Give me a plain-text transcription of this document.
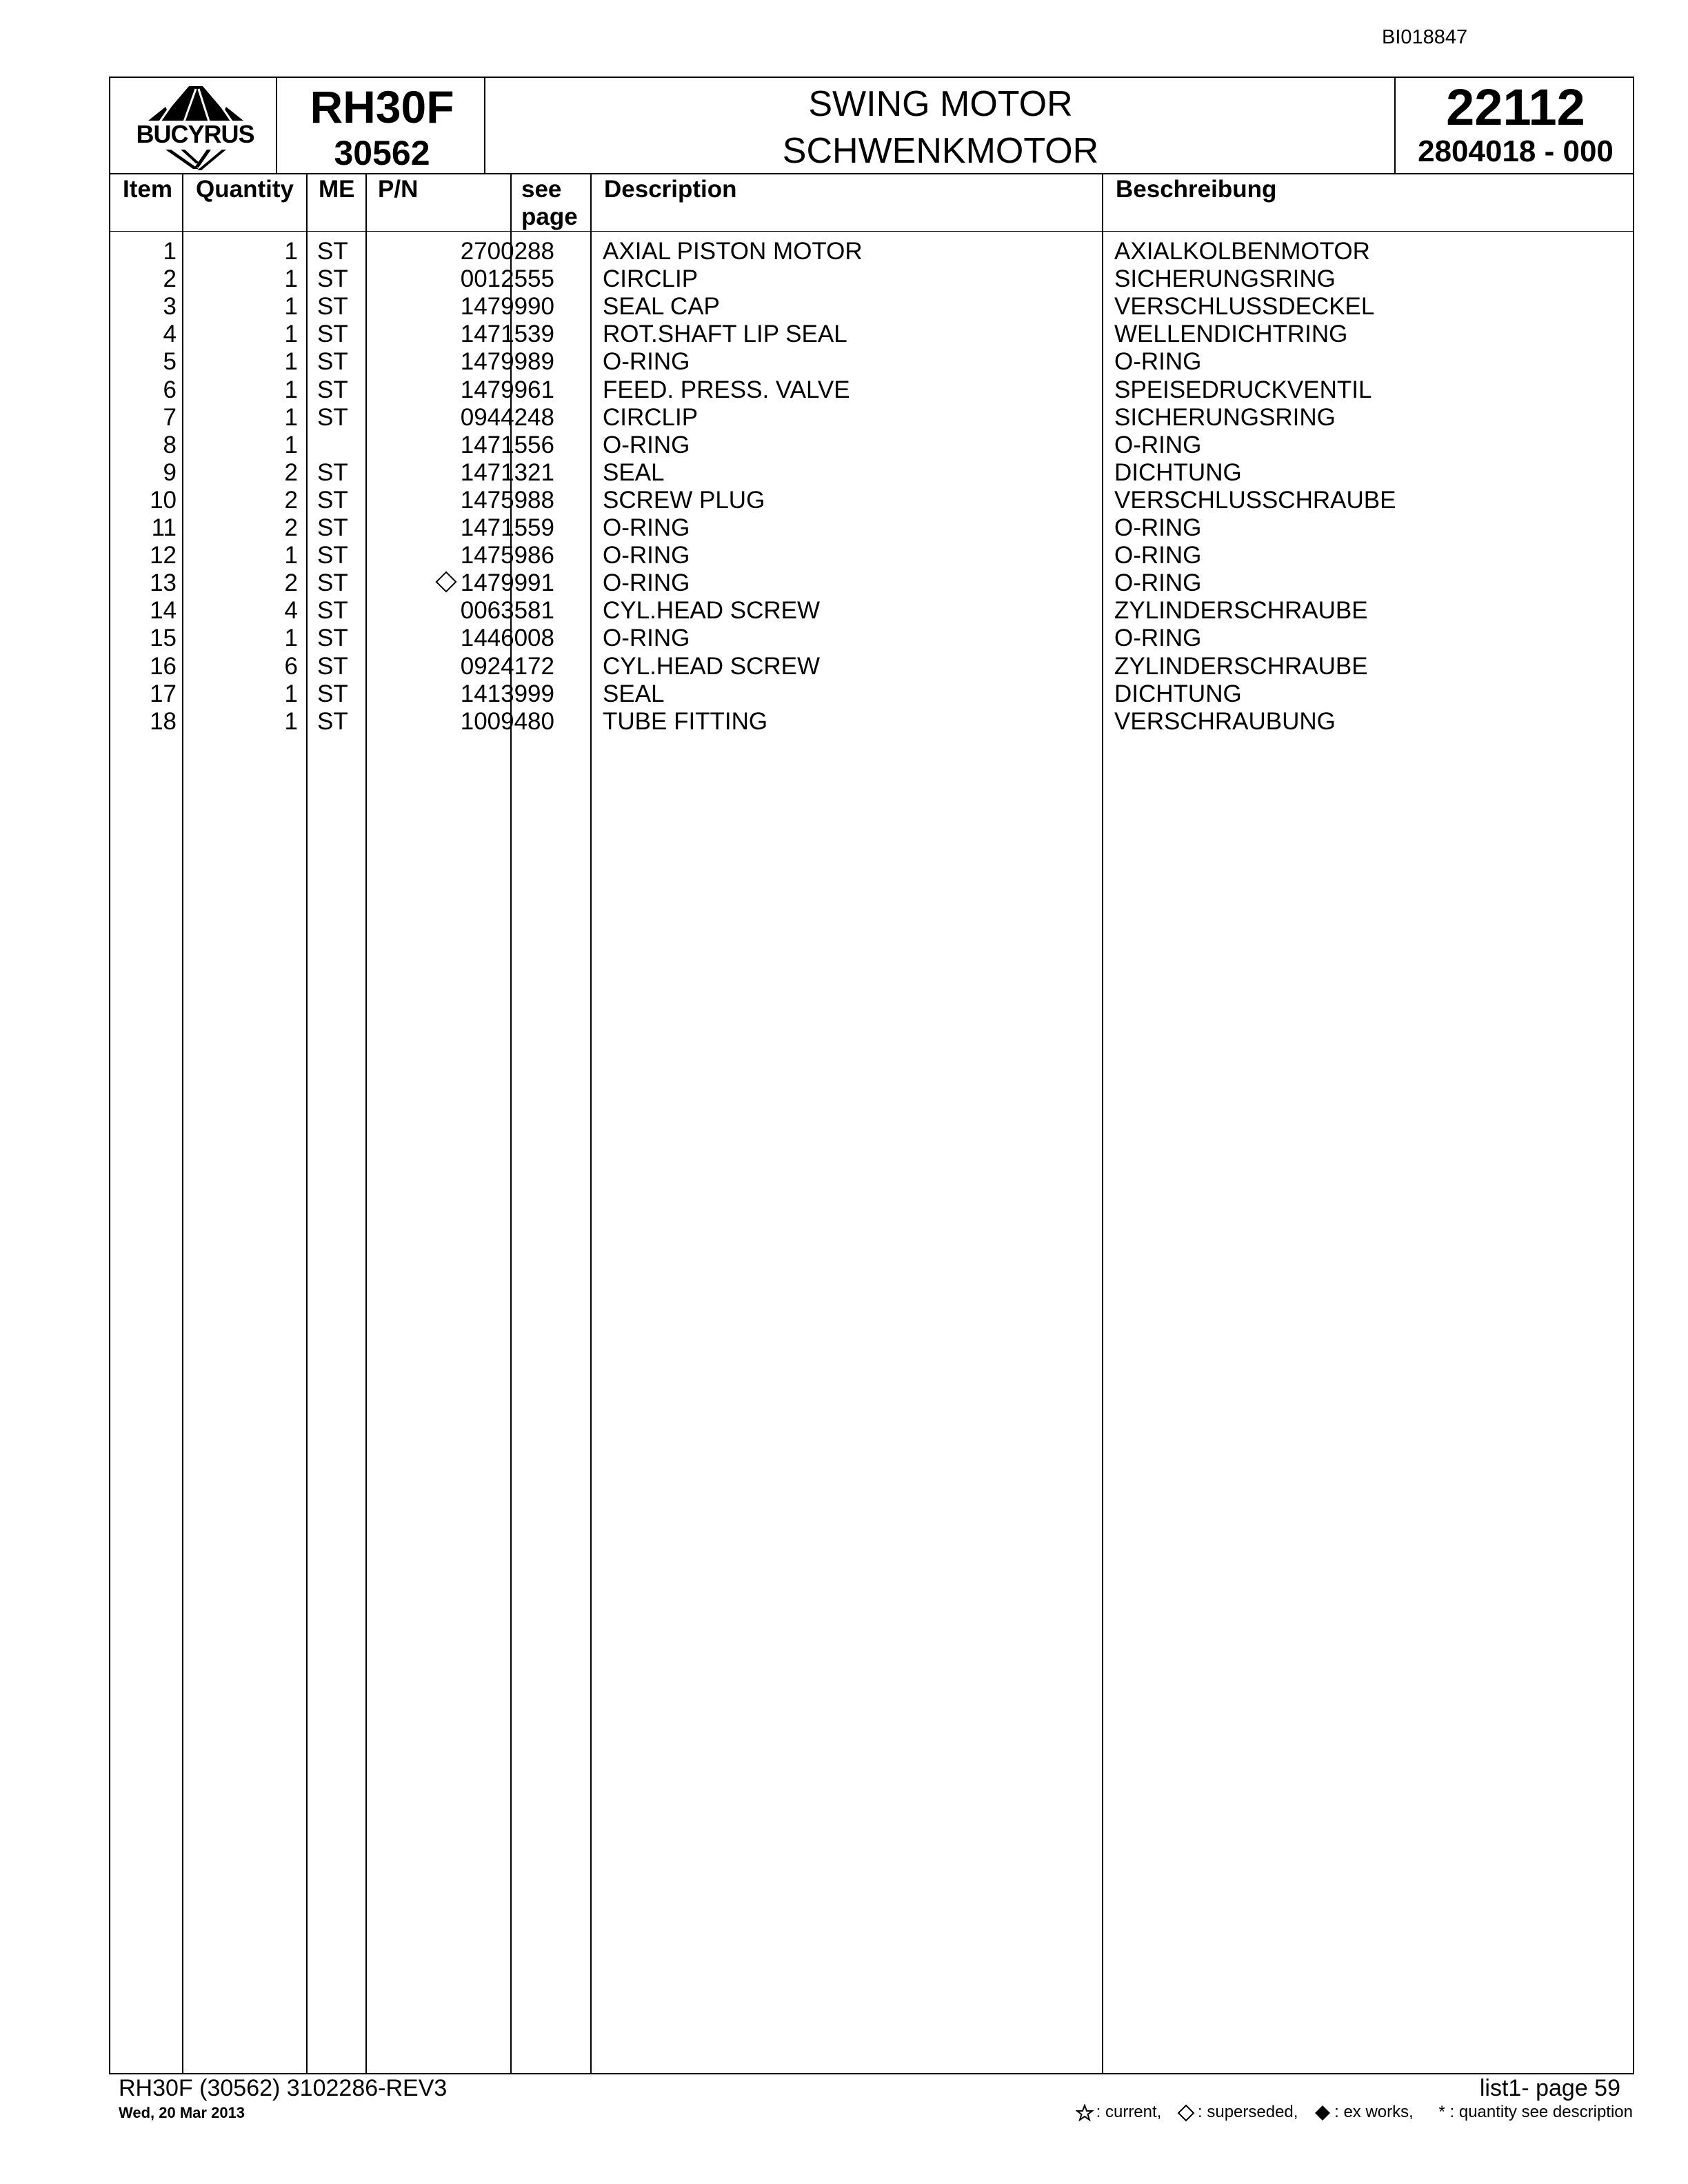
BI018847
BUCYRUS
RH30F
30562
SWING MOTOR
SCHWENKMOTOR
22112
2804018 - 000
Item Quantity ME P/N	see
page
Description	Beschreibung
1	1 ST	2700288 AXIAL PISTON MOTOR	AXIALKOLBENMOTOR
2	1 ST	0012555 CIRCLIP	SICHERUNGSRING
3	1 ST	1479990 SEAL CAP	VERSCHLUSSDECKEL
4	1 ST	1471539 ROT.SHAFT LIP SEAL	WELLENDICHTRING
5	1 ST	1479989 O-RING	O-RING
6	1 ST	1479961 FEED. PRESS. VALVE	SPEISEDRUCKVENTIL
7	1 ST	0944248 CIRCLIP	SICHERUNGSRING
8	1	1471556 O-RING	O-RING
9	2 ST	1471321 SEAL	DICHTUNG
10	2 ST	1475988 SCREW PLUG	VERSCHLUSSCHRAUBE
11	2 ST	1471559 O-RING	O-RING
12	1 ST	1475986 O-RING	O-RING
13	2 ST	1479991 O-RING	O-RING
14	4 ST	0063581 CYL.HEAD SCREW	ZYLINDERSCHRAUBE
15	1 ST	1446008 O-RING	O-RING
16	6 ST	0924172 CYL.HEAD SCREW	ZYLINDERSCHRAUBE
17	1 ST	1413999 SEAL	DICHTUNG
18	1 ST	1009480 TUBE FITTING	VERSCHRAUBUNG
RH30F (30562) 3102286-REV3
Wed, 20 Mar 2013
list1- page 59
: current, : superseded, : ex works, * : quantity see description
